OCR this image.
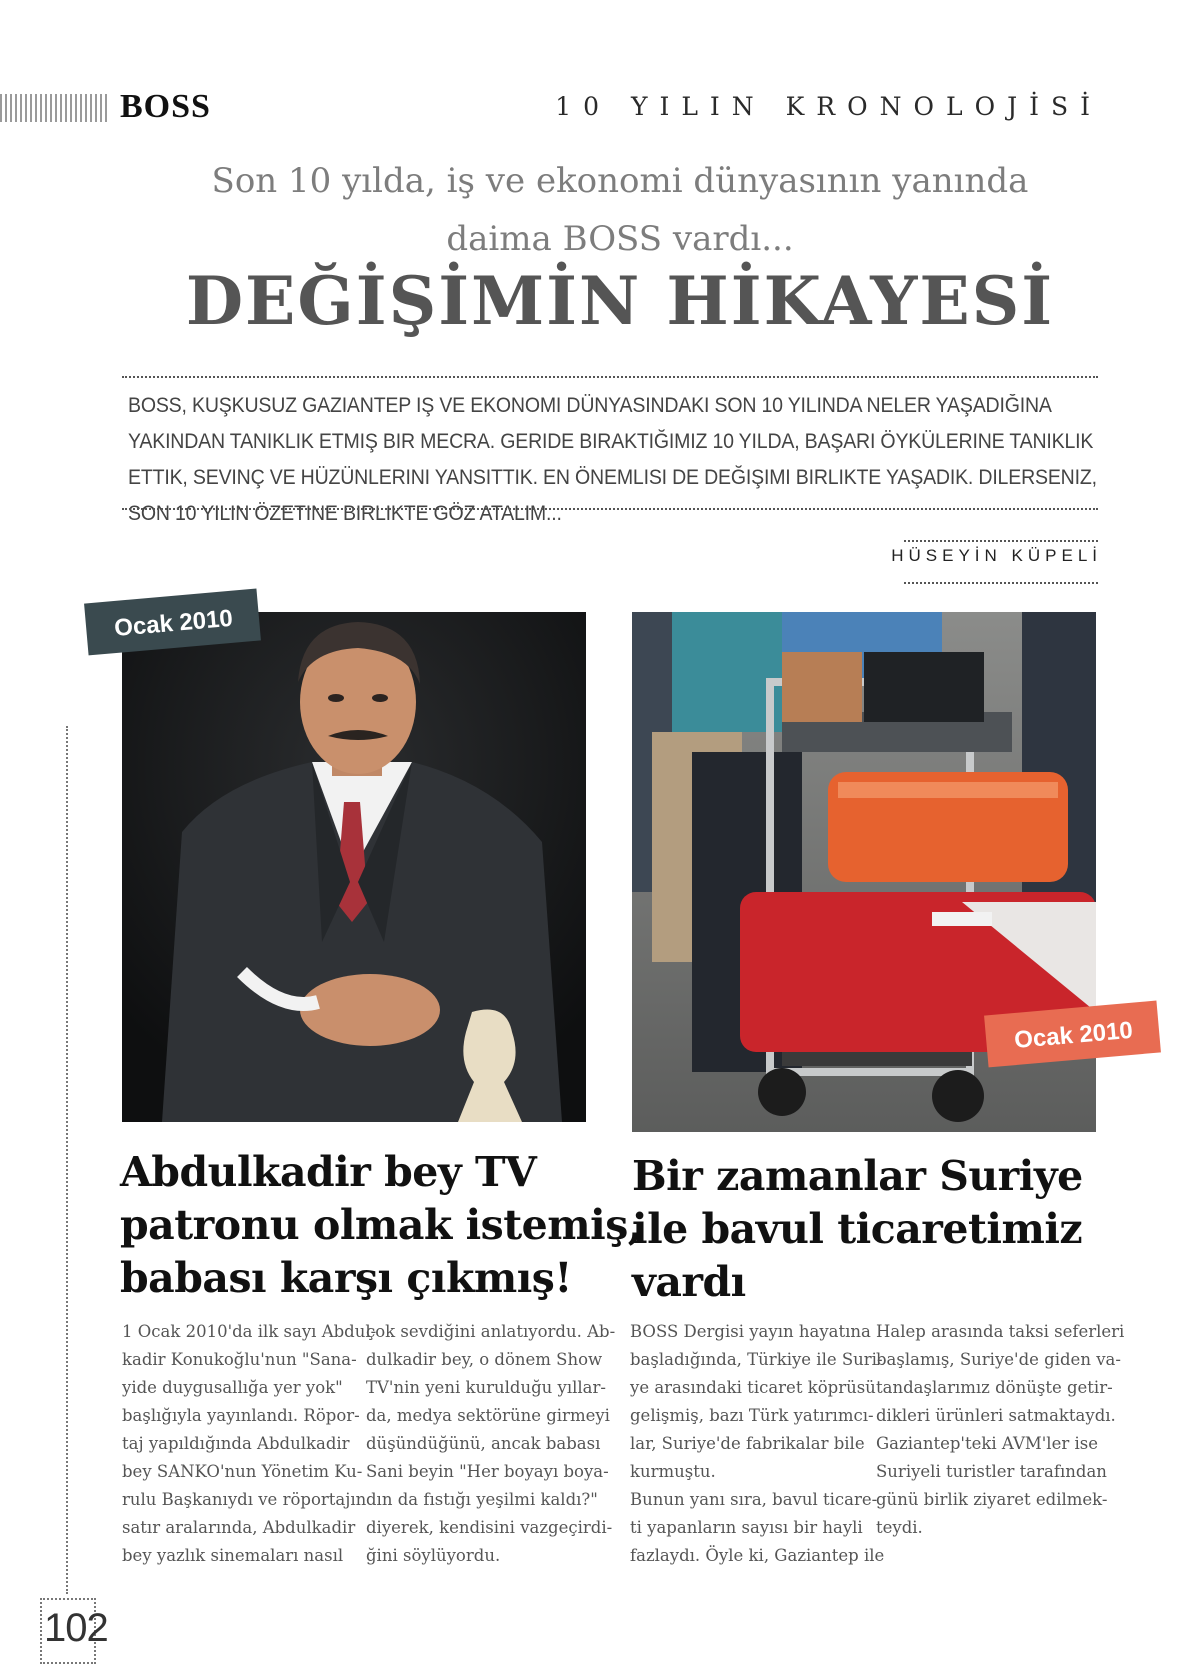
BOSS	10 YILIN KRONOLOJİSİ
Son 10 yılda, iş ve ekonomi dünyasının yanında
daima BOSS vardı...
DEĞİŞİMİN HİKAYESİ
BOSS, KUŞKUSUZ GAZIANTEP IŞ VE EKONOMI DÜNYASINDAKI SON 10 YILINDA NELER YAŞADIĞINA YAKINDAN TANIKLIK ETMIŞ BIR MECRA. GERIDE BIRAKTIĞIMIZ 10 YILDA, BAŞARI ÖYKÜLERINE TANIKLIK ETTIK, SEVINÇ VE HÜZÜNLERINI YANSITTIK. EN ÖNEMLISI DE DEĞIŞIMI BIRLIKTE YAŞADIK. DILERSENIZ, SON 10 YILIN ÖZETINE BIRLIKTE GÖZ ATALIM...
HÜSEYİN KÜPELİ
Ocak 2010
Ocak 2010
Abdulkadir bey TV
patronu olmak istemiş,
babası karşı çıkmış!
Bir zamanlar Suriye
ile bavul ticaretimiz
vardı
1 Ocak 2010'da ilk sayı Abdul-
kadir Konukoğlu'nun "Sana-
yide duygusallığa yer yok"
başlığıyla yayınlandı. Röpor-
taj yapıldığında Abdulkadir
bey SANKO'nun Yönetim Ku-
rulu Başkanıydı ve röportajın
satır aralarında, Abdulkadir
bey yazlık sinemaları nasıl
çok sevdiğini anlatıyordu. Ab-
dulkadir bey, o dönem Show
TV'nin yeni kurulduğu yıllar-
da, medya sektörüne girmeyi
düşündüğünü, ancak babası
Sani beyin "Her boyayı boya-
dın da fıstığı yeşilmi kaldı?"
diyerek, kendisini vazgeçirdi-
ğini söylüyordu.
BOSS Dergisi yayın hayatına
başladığında, Türkiye ile Suri-
ye arasındaki ticaret köprüsü
gelişmiş, bazı Türk yatırımcı-
lar, Suriye'de fabrikalar bile
kurmuştu.
Bunun yanı sıra, bavul ticare-
ti yapanların sayısı bir hayli
fazlaydı. Öyle ki, Gaziantep ile
Halep arasında taksi seferleri
başlamış, Suriye'de giden va-
tandaşlarımız dönüşte getir-
dikleri ürünleri satmaktaydı.
Gaziantep'teki AVM'ler ise
Suriyeli turistler tarafından
günü birlik ziyaret edilmek-
teydi.
102
